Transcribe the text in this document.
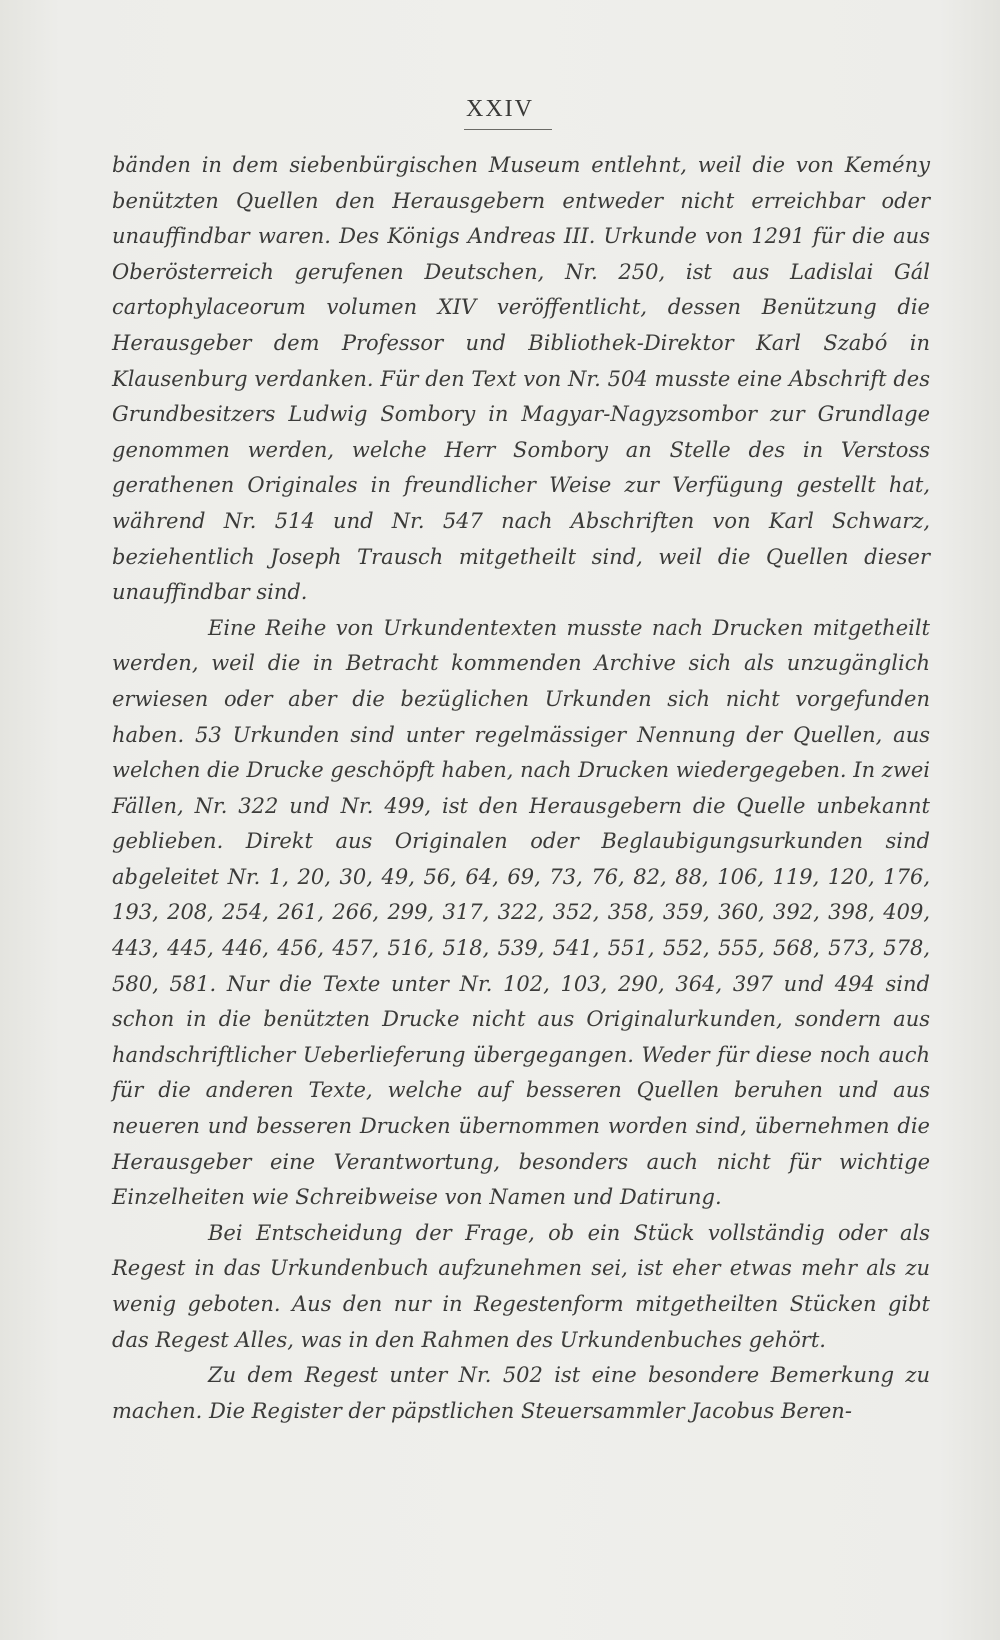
XXIV

bänden in dem siebenbürgischen Museum entlehnt, weil die von Kemény benützten Quellen den Herausgebern entweder nicht erreichbar oder unauffindbar waren. Des Königs Andreas III. Urkunde von 1291 für die aus Oberösterreich gerufenen Deutschen, Nr. 250, ist aus Ladislai Gál cartophylaceorum volumen XIV veröffentlicht, dessen Benützung die Herausgeber dem Professor und Bibliothek-Direktor Karl Szabó in Klausenburg verdanken. Für den Text von Nr. 504 musste eine Abschrift des Grundbesitzers Ludwig Sombory in Magyar-Nagyzsombor zur Grundlage genommen werden, welche Herr Sombory an Stelle des in Verstoss gerathenen Originales in freundlicher Weise zur Verfügung gestellt hat, während Nr. 514 und Nr. 547 nach Abschriften von Karl Schwarz, beziehentlich Joseph Trausch mitgetheilt sind, weil die Quellen dieser unauffindbar sind.

Eine Reihe von Urkundentexten musste nach Drucken mitgetheilt werden, weil die in Betracht kommenden Archive sich als unzugänglich erwiesen oder aber die bezüglichen Urkunden sich nicht vorgefunden haben. 53 Urkunden sind unter regelmässiger Nennung der Quellen, aus welchen die Drucke geschöpft haben, nach Drucken wiedergegeben. In zwei Fällen, Nr. 322 und Nr. 499, ist den Herausgebern die Quelle unbekannt geblieben. Direkt aus Originalen oder Beglaubigungsurkunden sind abgeleitet Nr. 1, 20, 30, 49, 56, 64, 69, 73, 76, 82, 88, 106, 119, 120, 176, 193, 208, 254, 261, 266, 299, 317, 322, 352, 358, 359, 360, 392, 398, 409, 443, 445, 446, 456, 457, 516, 518, 539, 541, 551, 552, 555, 568, 573, 578, 580, 581. Nur die Texte unter Nr. 102, 103, 290, 364, 397 und 494 sind schon in die benützten Drucke nicht aus Originalurkunden, sondern aus handschriftlicher Ueberlieferung übergegangen. Weder für diese noch auch für die anderen Texte, welche auf besseren Quellen beruhen und aus neueren und besseren Drucken übernommen worden sind, übernehmen die Herausgeber eine Verantwortung, besonders auch nicht für wichtige Einzelheiten wie Schreibweise von Namen und Datirung.

Bei Entscheidung der Frage, ob ein Stück vollständig oder als Regest in das Urkundenbuch aufzunehmen sei, ist eher etwas mehr als zu wenig geboten. Aus den nur in Regestenform mitgetheilten Stücken gibt das Regest Alles, was in den Rahmen des Urkundenbuches gehört.

Zu dem Regest unter Nr. 502 ist eine besondere Bemerkung zu machen. Die Register der päpstlichen Steuersammler Jacobus Beren-
